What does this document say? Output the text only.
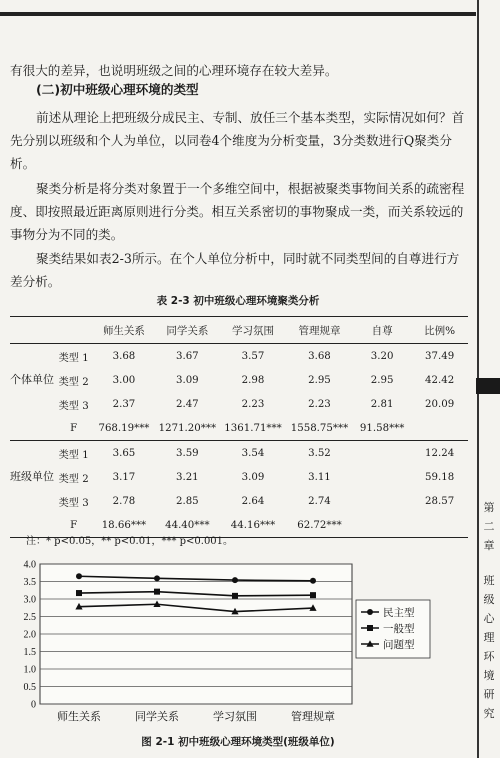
有很大的差异，也说明班级之间的心理环境存在较大差异。

(二)初中班级心理环境的类型

前述从理论上把班级分成民主、专制、放任三个基本类型，实际情况如何？首先分别以班级和个人为单位，以同卷4个维度为分析变量，3分类数进行Q聚类分析。

聚类分析是将分类对象置于一个多维空间中，根据被聚类事物间关系的疏密程度、即按照最近距离原则进行分类。相互关系密切的事物聚成一类，而关系较远的事物分为不同的类。

聚类结果如表2-3所示。在个人单位分析中，同时就不同类型间的自尊进行方差分析。

表 2-3 初中班级心理环境聚类分析
		师生关系	同学关系	学习氛围	管理规章	自尊	比例%
个体单位	类型 1	3.68	3.67	3.57	3.68	3.20	37.49
	类型 2	3.00	3.09	2.98	2.95	2.95	42.42
	类型 3	2.37	2.47	2.23	2.23	2.81	20.09
	F	768.19***	1271.20***	1361.71***	1558.75***	91.58***	
班级单位	类型 1	3.65	3.59	3.54	3.52		12.24
	类型 2	3.17	3.21	3.09	3.11		59.18
	类型 3	2.78	2.85	2.64	2.74		28.57
	F	18.66***	44.40***	44.16***	62.72***		
注：* p<0.05，** p<0.01，*** p<0.001。
0
0.5
1.0
1.5
2.0
2.5
3.0
3.5
4.0
师生关系	同学关系	学习氛围	管理规章
民主型
一般型
问题型
图 2-1 初中班级心理环境类型(班级单位)
第
二
章
班
级
心
理
环
境
研
究
